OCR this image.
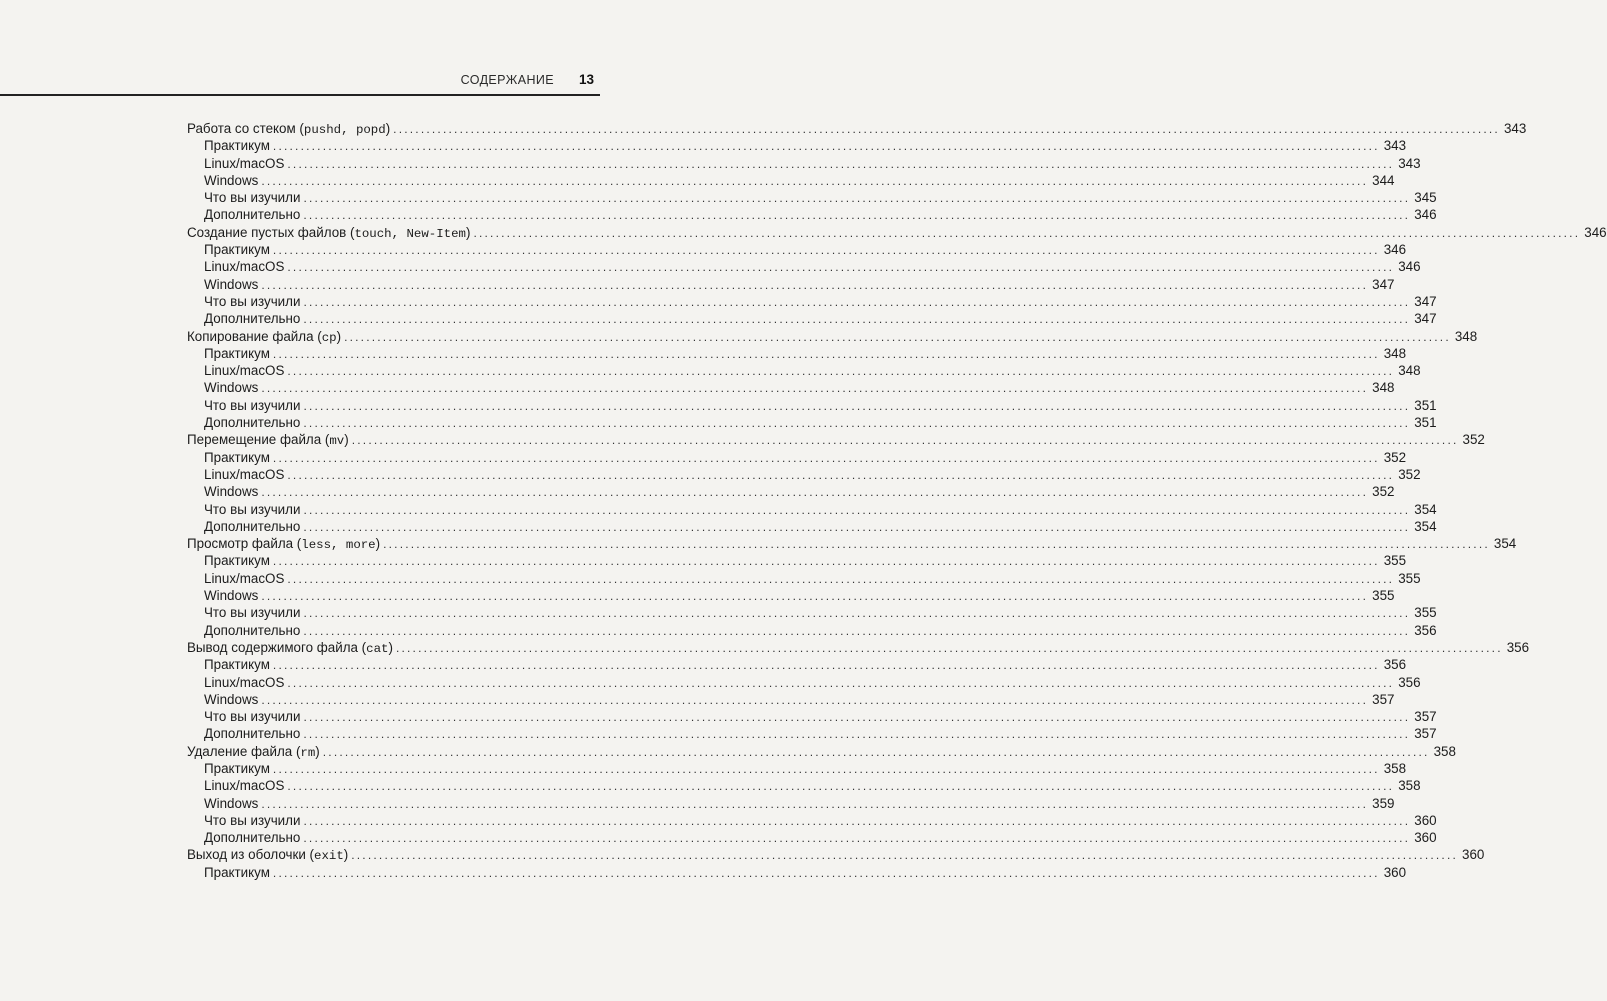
СОДЕРЖАНИЕ 13
Работа со стеком (pushd, popd) ........................................................................................................................................................................................................ 343
Практикум ........................................................................................................................................................................................................ 343
Linux/macOS ........................................................................................................................................................................................................ 343
Windows ........................................................................................................................................................................................................ 344
Что вы изучили ........................................................................................................................................................................................................ 345
Дополнительно ........................................................................................................................................................................................................ 346
Создание пустых файлов (touch, New-Item) ........................................................................................................................................................................................................ 346
Практикум ........................................................................................................................................................................................................ 346
Linux/macOS ........................................................................................................................................................................................................ 346
Windows ........................................................................................................................................................................................................ 347
Что вы изучили ........................................................................................................................................................................................................ 347
Дополнительно ........................................................................................................................................................................................................ 347
Копирование файла (cp) ........................................................................................................................................................................................................ 348
Практикум ........................................................................................................................................................................................................ 348
Linux/macOS ........................................................................................................................................................................................................ 348
Windows ........................................................................................................................................................................................................ 348
Что вы изучили ........................................................................................................................................................................................................ 351
Дополнительно ........................................................................................................................................................................................................ 351
Перемещение файла (mv) ........................................................................................................................................................................................................ 352
Практикум ........................................................................................................................................................................................................ 352
Linux/macOS ........................................................................................................................................................................................................ 352
Windows ........................................................................................................................................................................................................ 352
Что вы изучили ........................................................................................................................................................................................................ 354
Дополнительно ........................................................................................................................................................................................................ 354
Просмотр файла (less, more) ........................................................................................................................................................................................................ 354
Практикум ........................................................................................................................................................................................................ 355
Linux/macOS ........................................................................................................................................................................................................ 355
Windows ........................................................................................................................................................................................................ 355
Что вы изучили ........................................................................................................................................................................................................ 355
Дополнительно ........................................................................................................................................................................................................ 356
Вывод содержимого файла (cat) ........................................................................................................................................................................................................ 356
Практикум ........................................................................................................................................................................................................ 356
Linux/macOS ........................................................................................................................................................................................................ 356
Windows ........................................................................................................................................................................................................ 357
Что вы изучили ........................................................................................................................................................................................................ 357
Дополнительно ........................................................................................................................................................................................................ 357
Удаление файла (rm) ........................................................................................................................................................................................................ 358
Практикум ........................................................................................................................................................................................................ 358
Linux/macOS ........................................................................................................................................................................................................ 358
Windows ........................................................................................................................................................................................................ 359
Что вы изучили ........................................................................................................................................................................................................ 360
Дополнительно ........................................................................................................................................................................................................ 360
Выход из оболочки (exit) ........................................................................................................................................................................................................ 360
Практикум ........................................................................................................................................................................................................ 360
